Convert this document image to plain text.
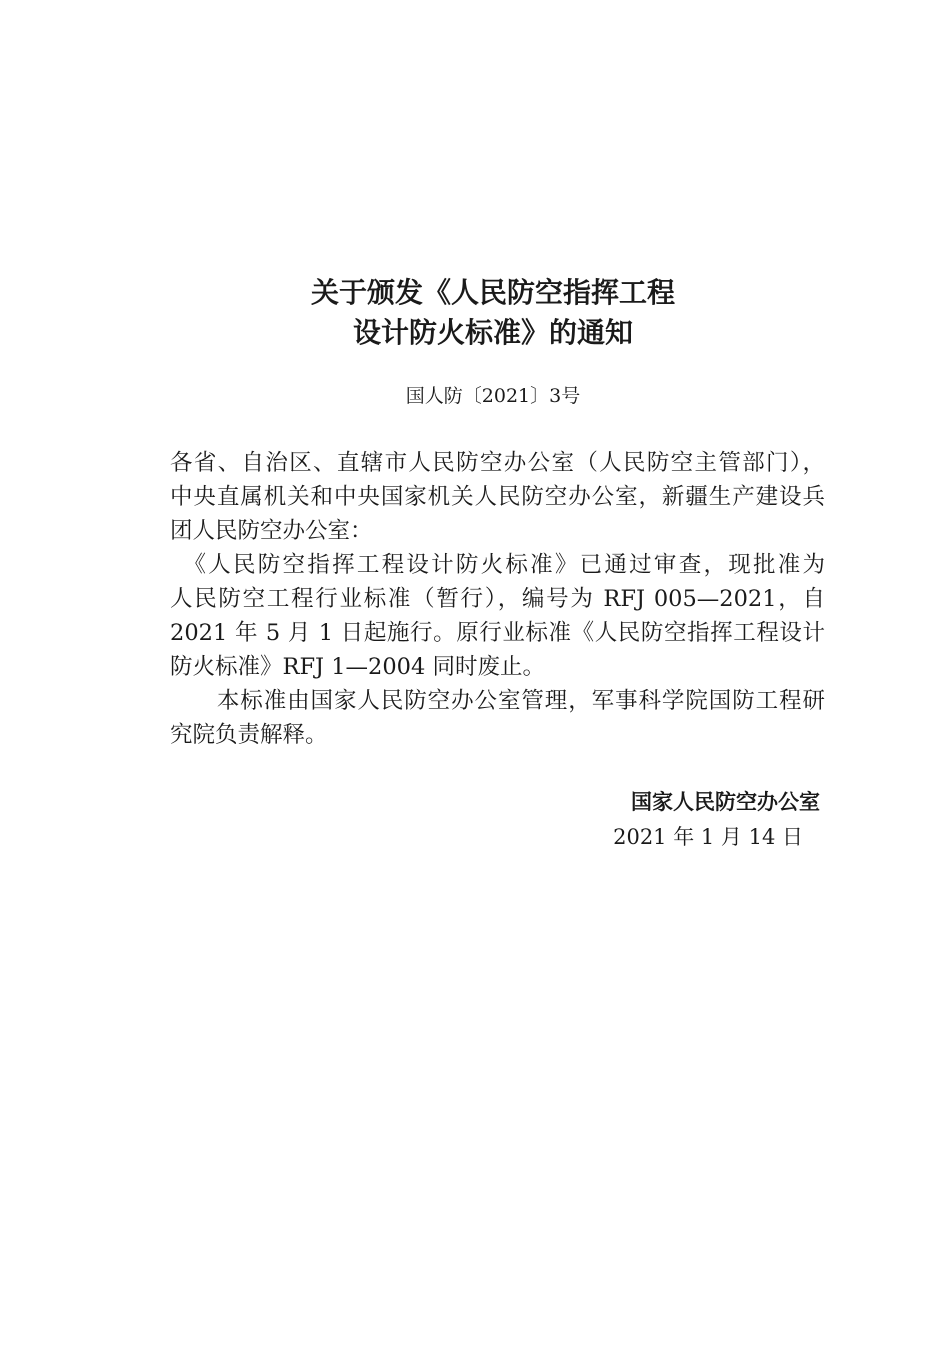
关于颁发《人民防空指挥工程
设计防火标准》的通知
国人防〔2021〕3号
各省、自治区、直辖市人民防空办公室（人民防空主管部门），
中央直属机关和中央国家机关人民防空办公室，新疆生产建设兵
团人民防空办公室：
　《人民防空指挥工程设计防火标准》已通过审查，现批准为
人民防空工程行业标准（暂行），编号为 RFJ 005—2021，自
2021 年 5 月 1 日起施行。原行业标准《人民防空指挥工程设计
防火标准》RFJ 1—2004 同时废止。
　　本标准由国家人民防空办公室管理，军事科学院国防工程研
究院负责解释。
国家人民防空办公室
2021 年 1 月 14 日
